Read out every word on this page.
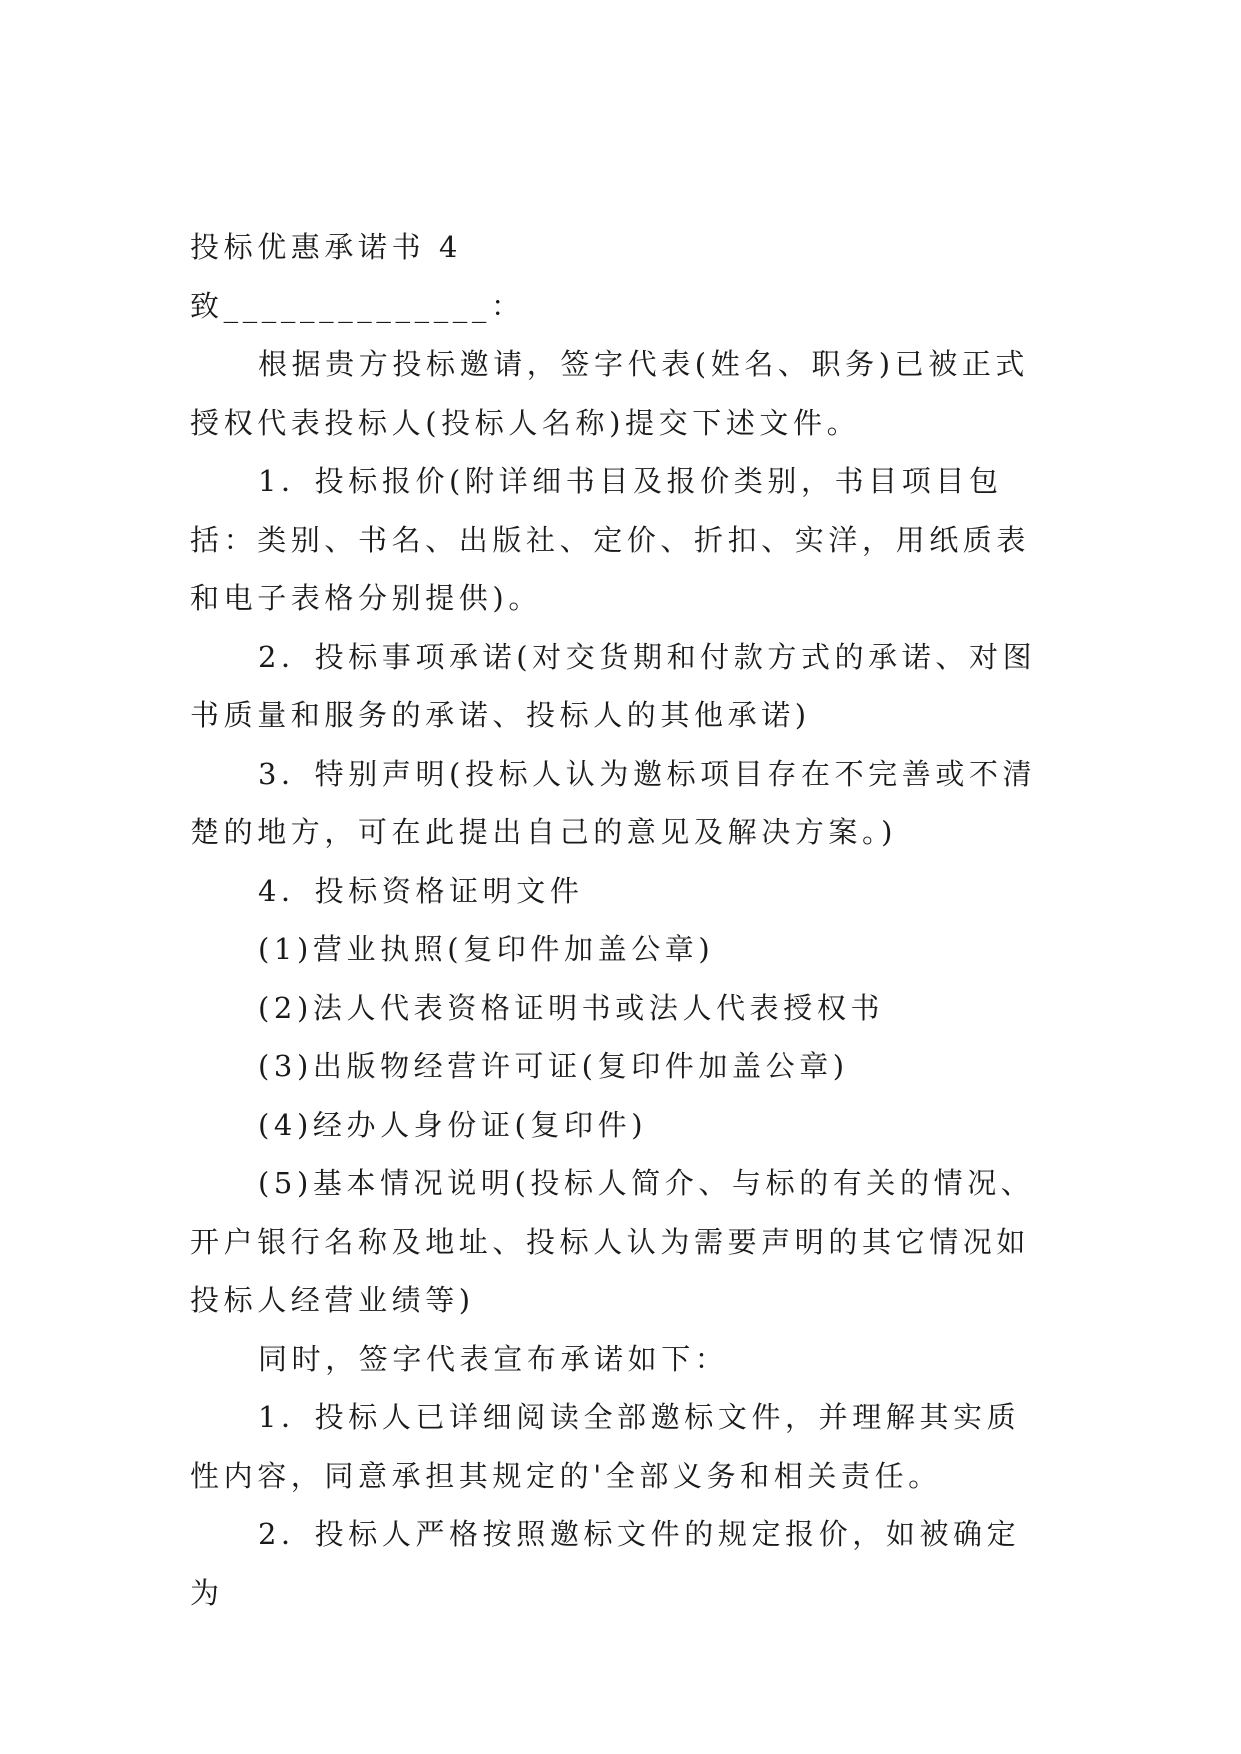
投标优惠承诺书 4

致______________：

根据贵方投标邀请，签字代表(姓名、职务)已被正式授权代表投标人(投标人名称)提交下述文件。

1．投标报价(附详细书目及报价类别，书目项目包括：类别、书名、出版社、定价、折扣、实洋，用纸质表和电子表格分别提供)。

2．投标事项承诺(对交货期和付款方式的承诺、对图书质量和服务的承诺、投标人的其他承诺)

3．特别声明(投标人认为邀标项目存在不完善或不清楚的地方，可在此提出自己的意见及解决方案。)

4．投标资格证明文件

(1)营业执照(复印件加盖公章)

(2)法人代表资格证明书或法人代表授权书

(3)出版物经营许可证(复印件加盖公章)

(4)经办人身份证(复印件)

(5)基本情况说明(投标人简介、与标的有关的情况、开户银行名称及地址、投标人认为需要声明的其它情况如投标人经营业绩等)

同时，签字代表宣布承诺如下：

1．投标人已详细阅读全部邀标文件，并理解其实质性内容，同意承担其规定的'全部义务和相关责任。

2．投标人严格按照邀标文件的规定报价，如被确定为
